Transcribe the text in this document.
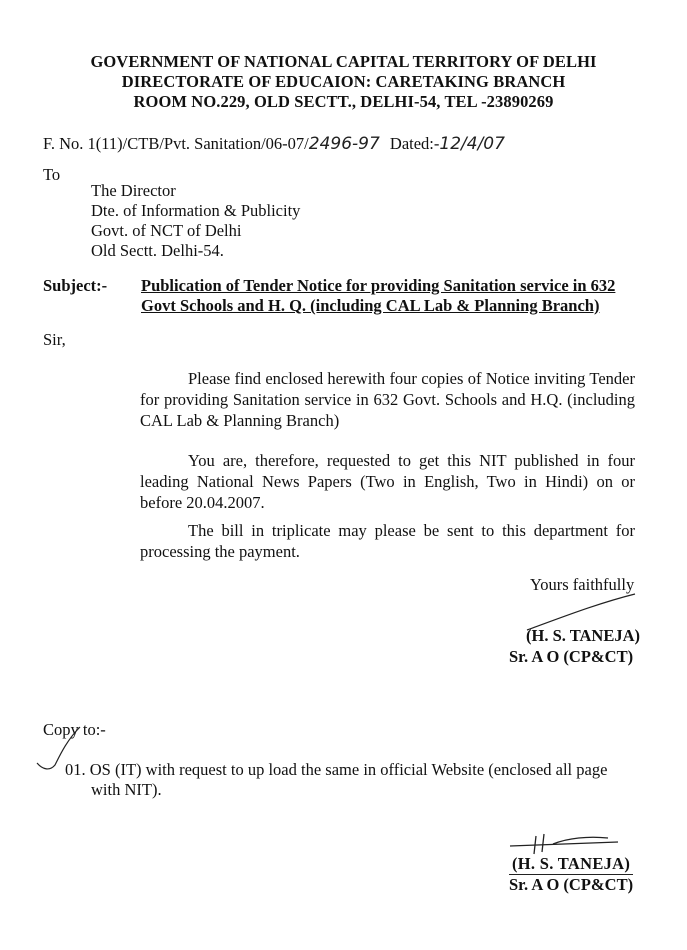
GOVERNMENT OF NATIONAL CAPITAL TERRITORY OF DELHI
DIRECTORATE OF EDUCAION: CARETAKING BRANCH
ROOM NO.229, OLD SECTT., DELHI-54, TEL -23890269
F. No. 1(11)/CTB/Pvt. Sanitation/06-07/2496-97 Dated:-12/4/07
To
The Director
Dte. of Information & Publicity
Govt. of NCT of Delhi
Old Sectt. Delhi-54.
Subject:- Publication of Tender Notice for providing Sanitation service in 632
Govt Schools and H. Q. (including CAL Lab & Planning Branch)
Sir,
Please find enclosed herewith four copies of Notice inviting Tender for providing Sanitation service in 632 Govt. Schools and H.Q. (including CAL Lab & Planning Branch)
You are, therefore, requested to get this NIT published in four leading National News Papers (Two in English, Two in Hindi) on or before 20.04.2007.
The bill in triplicate may please be sent to this department for processing the payment.
Yours faithfully
(H. S. TANEJA)
Sr. A O (CP&CT)
Copy to:-
01. OS (IT) with request to up load the same in official Website (enclosed all page
with NIT).
(H. S. TANEJA)
Sr. A O (CP&CT)
